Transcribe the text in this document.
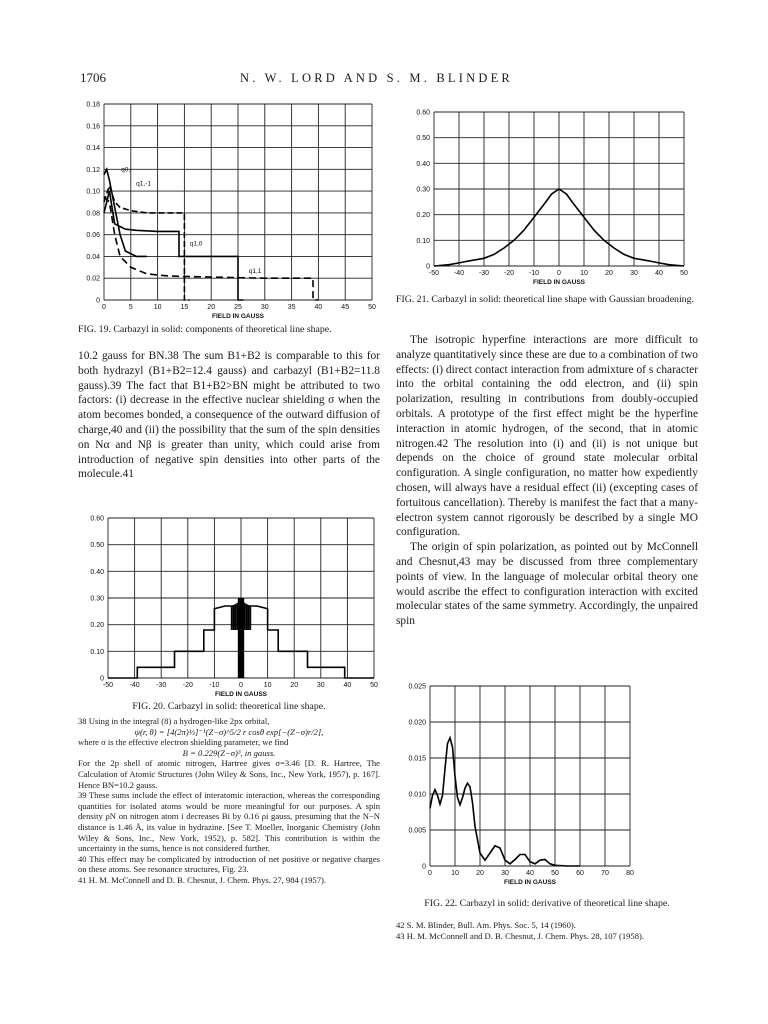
1706	N. W. LORD AND S. M. BLINDER
0	5	10	15	20	25	30	35	40	45	50
0
0.02
0.04
0.06
0.08
0.10
0.12
0.14
0.16
0.18
FIELD IN GAUSS
q0,i
q1,-1
q1,0
q1,1
FIG. 19. Carbazyl in solid: components of theoretical line shape.

10.2 gauss for BN.38 The sum B1+B2 is comparable to this for both hydrazyl (B1+B2=12.4 gauss) and carbazyl (B1+B2=11.8 gauss).39 The fact that B1+B2>BN might be attributed to two factors: (i) decrease in the effective nuclear shielding σ when the atom becomes bonded, a consequence of the outward diffusion of charge,40 and (ii) the possibility that the sum of the spin densities on Nα and Nβ is greater than unity, which could arise from introduction of negative spin densities into other parts of the molecule.41

-50 -40 -30 -20 -10	0	10	20	30	40	50
0
0.10
0.20
0.30
0.40
0.50
0.60
FIELD IN GAUSS
FIG. 20. Carbazyl in solid: theoretical line shape.

38 Using in the integral (8) a hydrogen-like 2px orbital,

ψ(r, θ) = [4(2π)½]⁻¹(Z−σ)^5/2 r cosθ exp[−(Z−σ)r/2],

where σ is the effective electron shielding parameter, we find

B = 0.229(Z−σ)³, in gauss.

For the 2p shell of atomic nitrogen, Hartree gives σ=3.46 [D. R. Hartree, The Calculation of Atomic Structures (John Wiley & Sons, Inc., New York, 1957), p. 167]. Hence BN=10.2 gauss.

39 These sums include the effect of interatomic interaction, whereas the corresponding quantities for isolated atoms would be more meaningful for our purposes. A spin density ρN on nitrogen atom i decreases Bi by 0.16 ρi gauss, presuming that the N−N distance is 1.46 Å, its value in hydrazine. [See T. Moeller, Inorganic Chemistry (John Wiley & Sons, Inc., New York, 1952), p. 582]. This contribution is within the uncertainty in the sums, hence is not considered further.

40 This effect may be complicated by introduction of net positive or negative charges on these atoms. See resonance structures, Fig. 23.

41 H. M. McConnell and D. B. Chesnut, J. Chem. Phys. 27, 984 (1957).

-50 -40 -30 -20 -10	0	10 20 30 40 50
0
0.10
0.20
0.30
0.40
0.50
0.60
FIELD IN GAUSS
FIG. 21. Carbazyl in solid: theoretical line shape with Gaussian broadening.

The isotropic hyperfine interactions are more difficult to analyze quantitatively since these are due to a combination of two effects: (i) direct contact interaction from admixture of s character into the orbital containing the odd electron, and (ii) spin polarization, resulting in contributions from doubly-occupied orbitals. A prototype of the first effect might be the hyperfine interaction in atomic hydrogen, of the second, that in atomic nitrogen.42 The resolution into (i) and (ii) is not unique but depends on the choice of ground state molecular orbital configuration. A single configuration, no matter how expediently chosen, will always have a residual effect (ii) (excepting cases of fortuitous cancellation). Thereby is manifest the fact that a many-electron system cannot rigorously be described by a single MO configuration.

The origin of spin polarization, as pointed out by McConnell and Chesnut,43 may be discussed from three complementary points of view. In the language of molecular orbital theory one would ascribe the effect to configuration interaction with excited molecular states of the same symmetry. Accordingly, the unpaired spin

0	10 20 30 40 50 60 70 80
0
0.005
0.010
0.015
0.020
0.025
FIELD IN GAUSS
FIG. 22. Carbazyl in solid: derivative of theoretical line shape.

42 S. M. Blinder, Bull. Am. Phys. Soc. 5, 14 (1960).

43 H. M. McConnell and D. B. Chesnut, J. Chem. Phys. 28, 107 (1958).
